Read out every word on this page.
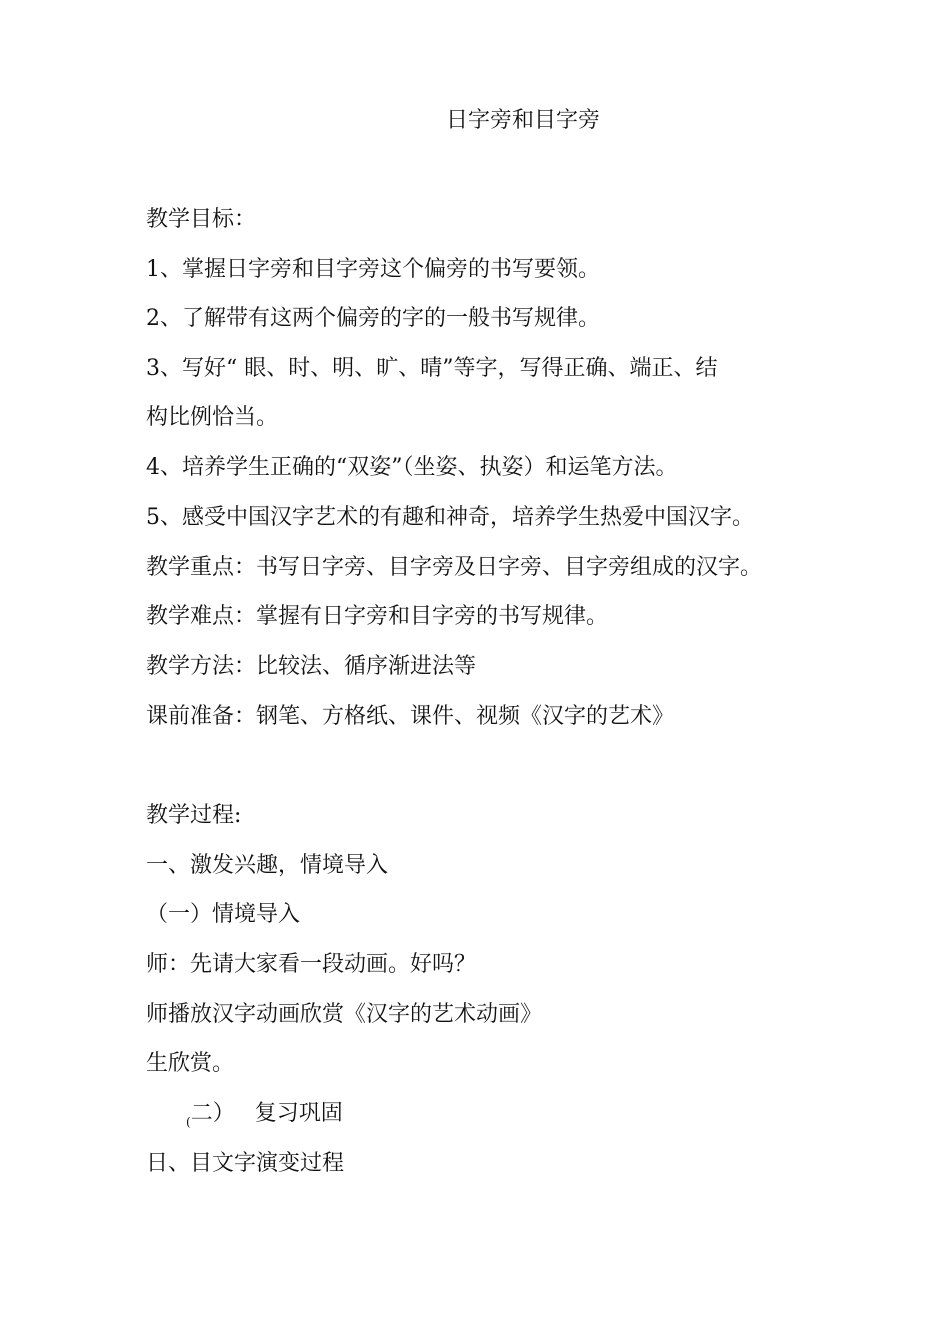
日字旁和目字旁

教学目标：

1、掌握日字旁和目字旁这个偏旁的书写要领。

2、了解带有这两个偏旁的字的一般书写规律。

3、写好“ 眼、时、明、旷、晴”等字，写得正确、端正、结

构比例恰当。

4、培养学生正确的“双姿”（坐姿、执姿）和运笔方法。

5、感受中国汉字艺术的有趣和神奇，培养学生热爱中国汉字。

教学重点：书写日字旁、目字旁及日字旁、目字旁组成的汉字。

教学难点：掌握有日字旁和目字旁的书写规律。

教学方法：比较法、循序渐进法等

课前准备：钢笔、方格纸、课件、视频《汉字的艺术》

教学过程:

一、激发兴趣，情境导入

（一）情境导入

师：先请大家看一段动画。好吗？

师播放汉字动画欣赏《汉字的艺术动画》

生欣赏。

$_($二） 复习巩固

日、目文字演变过程
